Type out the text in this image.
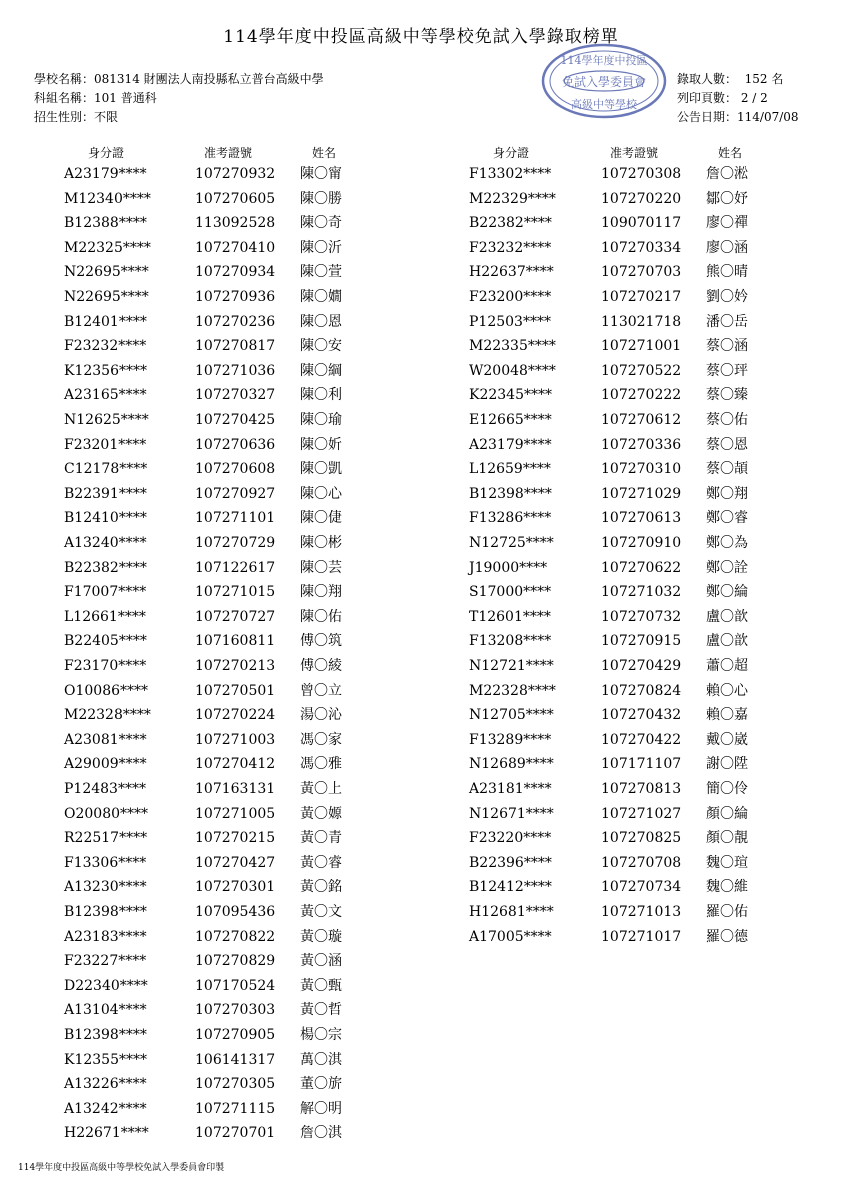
114學年度中投區高級中等學校免試入學錄取榜單
學校名稱：081314 財團法人南投縣私立普台高級中學
科組名稱：101 普通科
招生性別：不限
錄取人數： 152 名
列印頁數： 2 / 2
公告日期：114/07/08
114學年度中投區
免試入學委員會
高級中等學校
身分證	准考證號	姓名	身分證	准考證號	姓名
A23179****	107270932 陳〇甯
M12340****	107270605 陳〇勝
B12388****	113092528 陳〇奇
M22325****	107270410 陳〇沂
N22695****	107270934 陳〇萱
N22695****	107270936 陳〇嫺
B12401****	107270236 陳〇恩
F23232****	107270817 陳〇安
K12356****	107271036 陳〇綱
A23165****	107270327 陳〇利
N12625****	107270425 陳〇瑜
F23201****	107270636 陳〇妡
C12178****	107270608 陳〇凱
B22391****	107270927 陳〇心
B12410****	107271101 陳〇倢
A13240****	107270729 陳〇彬
B22382****	107122617 陳〇芸
F17007****	107271015 陳〇翔
L12661****	107270727 陳〇佑
B22405****	107160811 傅〇筑
F23170****	107270213 傅〇綾
O10086****	107270501 曾〇立
M22328****	107270224 湯〇沁
A23081****	107271003 馮〇家
A29009****	107270412 馮〇雅
P12483****	107163131 黃〇上
O20080****	107271005 黃〇嫄
R22517****	107270215 黃〇青
F13306****	107270427 黃〇睿
A13230****	107270301 黃〇銘
B12398****	107095436 黃〇文
A23183****	107270822 黃〇璇
F23227****	107270829 黃〇涵
D22340****	107170524 黃〇甄
A13104****	107270303 黃〇哲
B12398****	107270905 楊〇宗
K12355****	106141317 萬〇淇
A13226****	107270305 董〇旂
A13242****	107271115 解〇明
H22671****	107270701 詹〇淇
F13302****	107270308 詹〇淞
M22329****	107270220 鄒〇妤
B22382****	109070117 廖〇禪
F23232****	107270334 廖〇涵
H22637****	107270703 熊〇晴
F23200****	107270217 劉〇妗
P12503****	113021718 潘〇岳
M22335****	107271001 蔡〇涵
W20048****	107270522 蔡〇玶
K22345****	107270222 蔡〇臻
E12665****	107270612 蔡〇佑
A23179****	107270336 蔡〇恩
L12659****	107270310 蔡〇頡
B12398****	107271029 鄭〇翔
F13286****	107270613 鄭〇睿
N12725****	107270910 鄭〇為
J19000****	107270622 鄭〇詮
S17000****	107271032 鄭〇綸
T12601****	107270732 盧〇歆
F13208****	107270915 盧〇歆
N12721****	107270429 蕭〇超
M22328****	107270824 賴〇心
N12705****	107270432 賴〇嘉
F13289****	107270422 戴〇崴
N12689****	107171107 謝〇陞
A23181****	107270813 簡〇伶
N12671****	107271027 顏〇綸
F23220****	107270825 顏〇靚
B22396****	107270708 魏〇瑄
B12412****	107270734 魏〇維
H12681****	107271013 羅〇佑
A17005****	107271017 羅〇德
114學年度中投區高級中等學校免試入學委員會印製
